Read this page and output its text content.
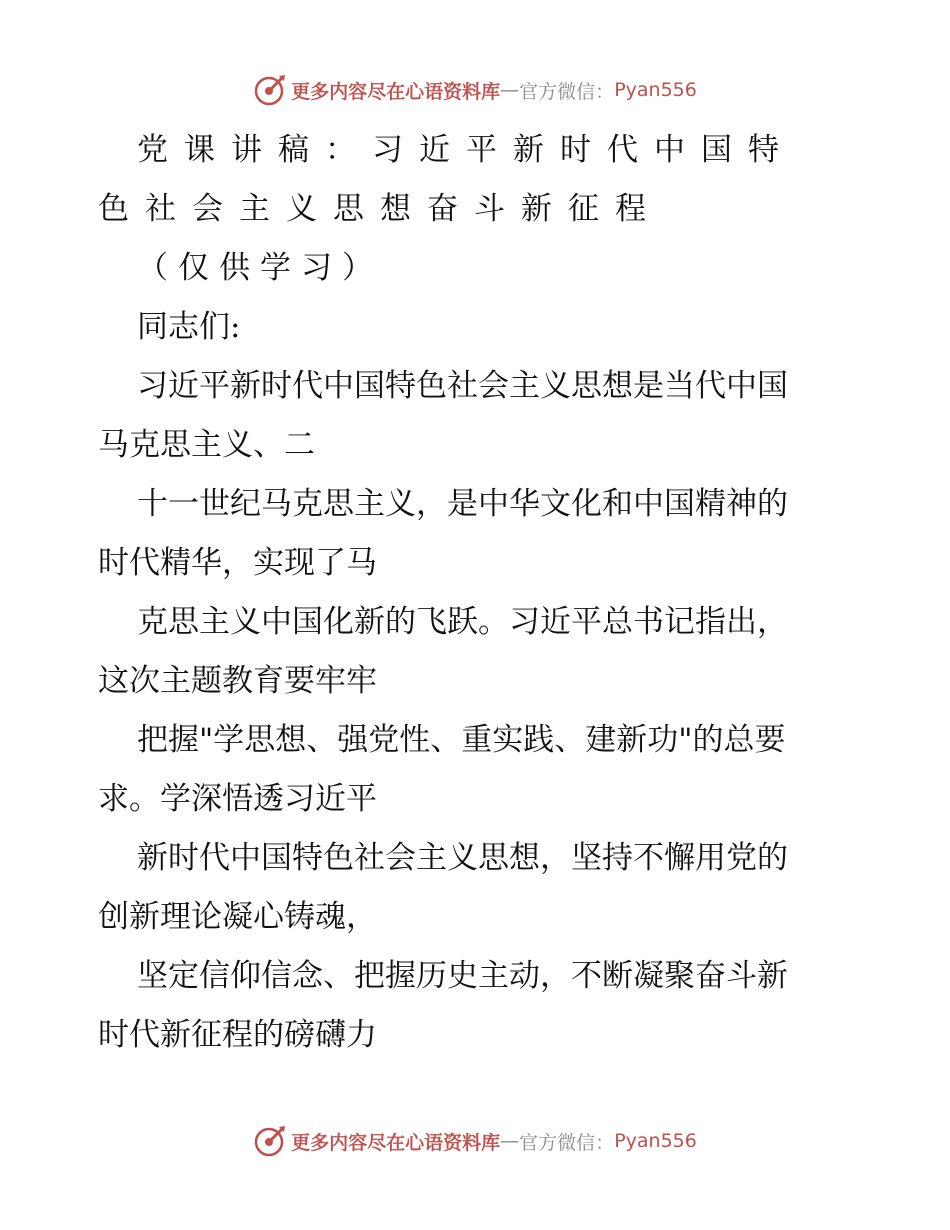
更多内容尽在心语资料库 — 官方微信： Pyan556
党课讲稿：习近平新时代中国特
色社会主义思想奋斗新征程
（仅供学习）
同志们:
习近平新时代中国特色社会主义思想是当代中国
马克思主义、二
十一世纪马克思主义，是中华文化和中国精神的
时代精华，实现了马
克思主义中国化新的飞跃。习近平总书记指出，
这次主题教育要牢牢
把握"学思想、强党性、重实践、建新功"的总要
求。学深悟透习近平
新时代中国特色社会主义思想，坚持不懈用党的
创新理论凝心铸魂，
坚定信仰信念、把握历史主动，不断凝聚奋斗新
时代新征程的磅礴力
更多内容尽在心语资料库 — 官方微信： Pyan556
